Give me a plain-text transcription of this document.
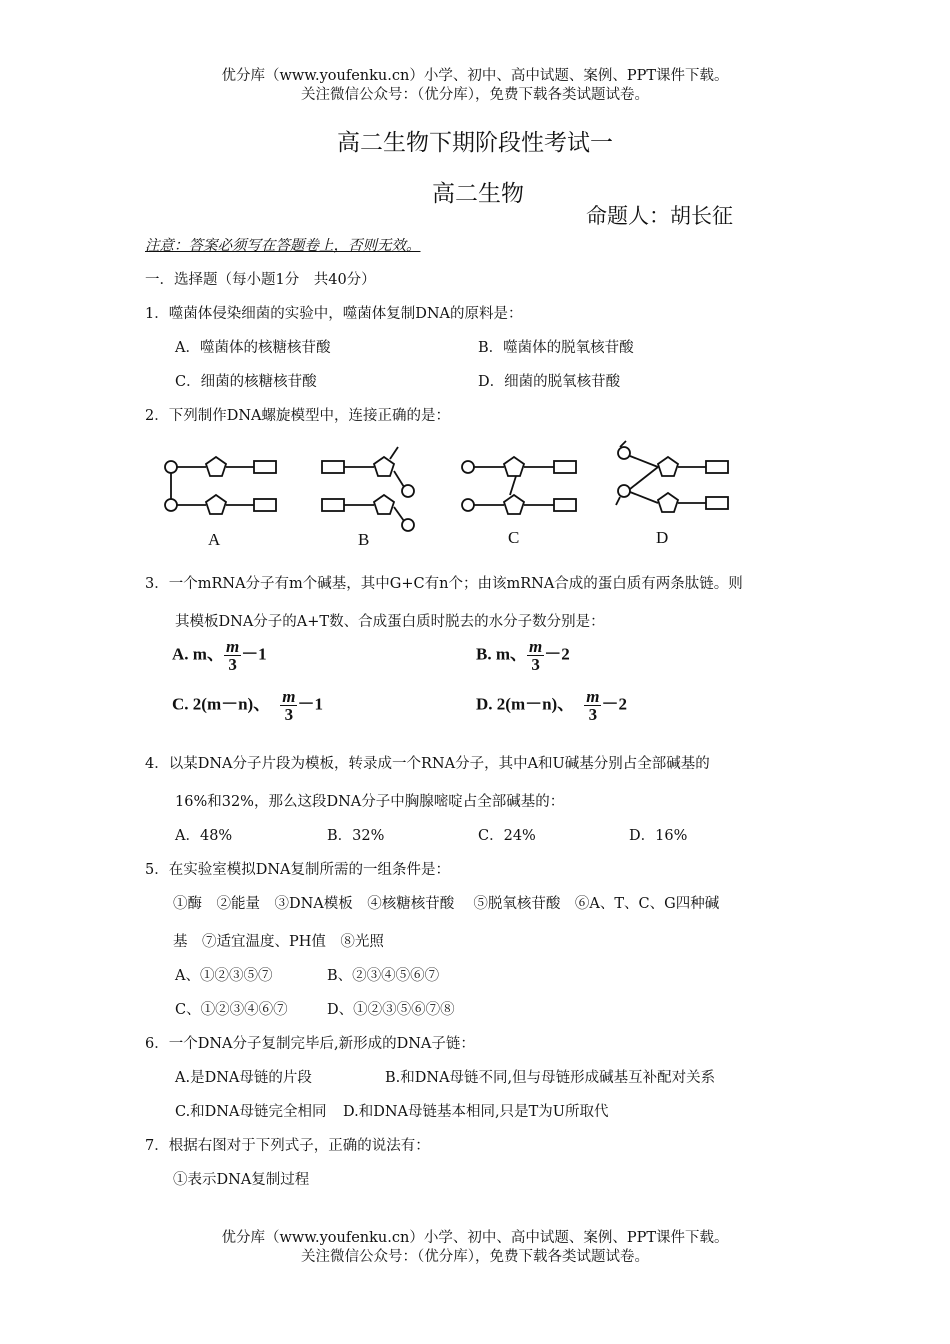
优分库（www.youfenku.cn）小学、初中、高中试题、案例、PPT课件下载。
关注微信公众号：（优分库），免费下载各类试题试卷。
高二生物下期阶段性考试一
高二生物
命题人：胡长征
注意：答案必须写在答题卷上，否则无效。
一．选择题（每小题1分　共40分）
1．噬菌体侵染细菌的实验中，噬菌体复制DNA的原料是：
A．噬菌体的核糖核苷酸	B．噬菌体的脱氧核苷酸
C．细菌的核糖核苷酸	D．细菌的脱氧核苷酸
2．下列制作DNA螺旋模型中，连接正确的是：
A	B	C	D
3．一个mRNA分子有m个碱基，其中G+C有n个；由该mRNA合成的蛋白质有两条肽链。则
其模板DNA分子的A+T数、合成蛋白质时脱去的水分子数分别是：
A. m、 $\frac{m}{3} -1$	B. m、 $\frac{m}{3} -2$
C. 2(m－n)、 $\frac{m}{3} -1$	D. 2(m－n)、 $\frac{m}{3} -2$
4．以某DNA分子片段为模板，转录成一个RNA分子，其中A和U碱基分别占全部碱基的
16%和32%，那么这段DNA分子中胸腺嘧啶占全部碱基的：
A．48%	B．32%	C．24%	D．16%
5．在实验室模拟DNA复制所需的一组条件是：
①酶　②能量　③DNA模板　④核糖核苷酸　 ⑤脱氧核苷酸　⑥A、T、C、G四种碱
基　⑦适宜温度、PH值　⑧光照
A、①②③⑤⑦	B、②③④⑤⑥⑦
C、①②③④⑥⑦	D、①②③⑤⑥⑦⑧
6．一个DNA分子复制完毕后,新形成的DNA子链：
A.是DNA母链的片段	B.和DNA母链不同,但与母链形成碱基互补配对关系
C.和DNA母链完全相同 D.和DNA母链基本相同,只是T为U所取代
7．根据右图对于下列式子，正确的说法有：
①表示DNA复制过程
优分库（www.youfenku.cn）小学、初中、高中试题、案例、PPT课件下载。
关注微信公众号：（优分库），免费下载各类试题试卷。
